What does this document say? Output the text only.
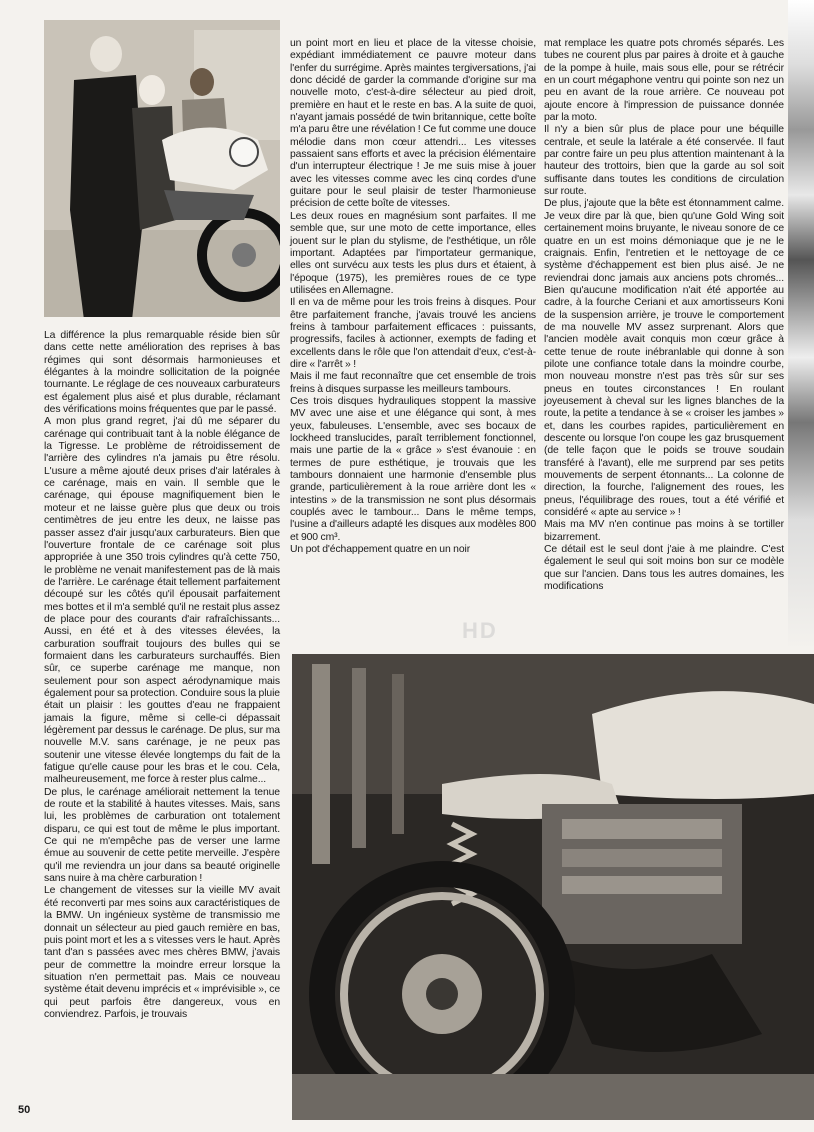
La différence la plus remarquable réside bien sûr dans cette nette amélioration des reprises à bas régimes qui sont désormais harmonieuses et élégantes à la moindre sollicitation de la poignée tournante. Le réglage de ces nouveaux carburateurs est également plus aisé et plus durable, réclamant des vérifications moins fréquentes que par le passé.

A mon plus grand regret, j'ai dû me séparer du carénage qui contribuait tant à la noble élégance de la Tigresse. Le problème de rétroidissement de l'arrière des cylindres n'a jamais pu être résolu. L'usure a même ajouté deux prises d'air latérales à ce carénage, mais en vain. Il semble que le carénage, qui épouse magnifiquement bien le moteur et ne laisse guère plus que deux ou trois centimètres de jeu entre les deux, ne laisse pas passer assez d'air jusqu'aux carburateurs. Bien que l'ouverture frontale de ce carénage soit plus appropriée à une 350 trois cylindres qu'à cette 750, le problème ne venait manifestement pas de là mais de l'arrière. Le carénage était tellement parfaitement découpé sur les côtés qu'il épousait parfaitement mes bottes et il m'a semblé qu'il ne restait plus assez de place pour des courants d'air rafraîchissants... Aussi, en été et à des vitesses élevées, la carburation souffrait toujours des bulles qui se formaient dans les carburateurs surchauffés. Bien sûr, ce superbe carénage me manque, non seulement pour son aspect aérodynamique mais également pour sa protection. Conduire sous la pluie était un plaisir : les gouttes d'eau ne frappaient jamais la figure, même si celle-ci dépassait légèrement par dessus le carénage. De plus, sur ma nouvelle M.V. sans carénage, je ne peux pas soutenir une vitesse élevée longtemps du fait de la fatigue qu'elle cause pour les bras et le cou. Cela, malheureusement, me force à rester plus calme...

De plus, le carénage améliorait nettement la tenue de route et la stabilité à hautes vitesses. Mais, sans lui, les problèmes de carburation ont totalement disparu, ce qui est tout de même le plus important. Ce qui ne m'empêche pas de verser une larme émue au souvenir de cette petite merveille. J'espère qu'il me reviendra un jour dans sa beauté originelle sans nuire à ma chère carburation !

Le changement de vitesses sur la vieille MV avait été reconverti par mes soins aux caractéristiques de la BMW. Un ingénieux système de transmissio me donnait un sélecteur au pied gauch remière en bas, puis point mort et les a s vitesses vers le haut. Après tant d'an s passées avec mes chères BMW, j'avais peur de commettre la moindre erreur lorsque la situation n'en permettait pas. Mais ce nouveau système était devenu imprécis et « imprévisible », ce qui peut parfois être dangereux, vous en conviendrez. Parfois, je trouvais

un point mort en lieu et place de la vitesse choisie, expédiant immédiatement ce pauvre moteur dans l'enfer du surrégime. Après maintes tergiversations, j'ai donc décidé de garder la commande d'origine sur ma nouvelle moto, c'est-à-dire sélecteur au pied droit, première en haut et le reste en bas. A la suite de quoi, n'ayant jamais possédé de twin britannique, cette boîte m'a paru être une révélation ! Ce fut comme une douce mélodie dans mon cœur attendri... Les vitesses passaient sans efforts et avec la précision élémentaire d'un interrupteur électrique ! Je me suis mise à jouer avec les vitesses comme avec les cinq cordes d'une guitare pour le seul plaisir de tester l'harmonieuse précision de cette boîte de vitesses.

Les deux roues en magnésium sont parfaites. Il me semble que, sur une moto de cette importance, elles jouent sur le plan du stylisme, de l'esthétique, un rôle important. Adaptées par l'importateur germanique, elles ont survécu aux tests les plus durs et étaient, à l'époque (1975), les premières roues de ce type utilisées en Allemagne.

Il en va de même pour les trois freins à disques. Pour être parfaitement franche, j'avais trouvé les anciens freins à tambour parfaitement efficaces : puissants, progressifs, faciles à actionner, exempts de fading et excellents dans le rôle que l'on attendait d'eux, c'est-à-dire « l'arrêt » !

Mais il me faut reconnaître que cet ensemble de trois freins à disques surpasse les meilleurs tambours.

Ces trois disques hydrauliques stoppent la massive MV avec une aise et une élégance qui sont, à mes yeux, fabuleuses. L'ensemble, avec ses bocaux de lockheed translucides, paraît terriblement fonctionnel, mais une partie de la « grâce » s'est évanouie : en termes de pure esthétique, je trouvais que les tambours donnaient une harmonie d'ensemble plus grande, particulièrement à la roue arrière dont les « intestins » de la transmission ne sont plus désormais couplés avec le tambour... Dans le même temps, l'usine a d'ailleurs adapté les disques aux modèles 800 et 900 cm³.

Un pot d'échappement quatre en un noir

mat remplace les quatre pots chromés séparés. Les tubes ne courent plus par paires à droite et à gauche de la pompe à huile, mais sous elle, pour se rétrécir en un court mégaphone ventru qui pointe son nez un peu en avant de la roue arrière. Ce nouveau pot ajoute encore à l'impression de puissance donnée par la moto.

Il n'y a bien sûr plus de place pour une béquille centrale, et seule la latérale a été conservée. Il faut par contre faire un peu plus attention maintenant à la hauteur des trottoirs, bien que la garde au sol soit suffisante dans toutes les conditions de circulation sur route.

De plus, j'ajoute que la bête est étonnamment calme. Je veux dire par là que, bien qu'une Gold Wing soit certainement moins bruyante, le niveau sonore de ce quatre en un est moins démoniaque que je ne le craignais. Enfin, l'entretien et le nettoyage de ce système d'échappement est bien plus aisé. Je ne reviendrai donc jamais aux anciens pots chromés... Bien qu'aucune modification n'ait été apportée au cadre, à la fourche Ceriani et aux amortisseurs Koni de la suspension arrière, je trouve le comportement de ma nouvelle MV assez surprenant. Alors que l'ancien modèle avait conquis mon cœur grâce à cette tenue de route inébranlable qui donne à son pilote une confiance totale dans la moindre courbe, mon nouveau monstre n'est pas très sûr sur ses pneus en toutes circonstances ! En roulant joyeusement à cheval sur les lignes blanches de la route, la petite a tendance à se « croiser les jambes » et, dans les courbes rapides, particulièrement en descente ou lorsque l'on coupe les gaz brusquement (de telle façon que le poids se trouve soudain transféré à l'avant), elle me surprend par ses petits mouvements de serpent étonnants... La colonne de direction, la fourche, l'alignement des roues, les pneus, l'équilibrage des roues, tout a été vérifié et considéré « apte au service » !

Mais ma MV n'en continue pas moins à se tortiller bizarrement.

Ce détail est le seul dont j'aie à me plaindre. C'est également le seul qui soit moins bon sur ce modèle que sur l'ancien. Dans tous les autres domaines, les modifications

HD
50
